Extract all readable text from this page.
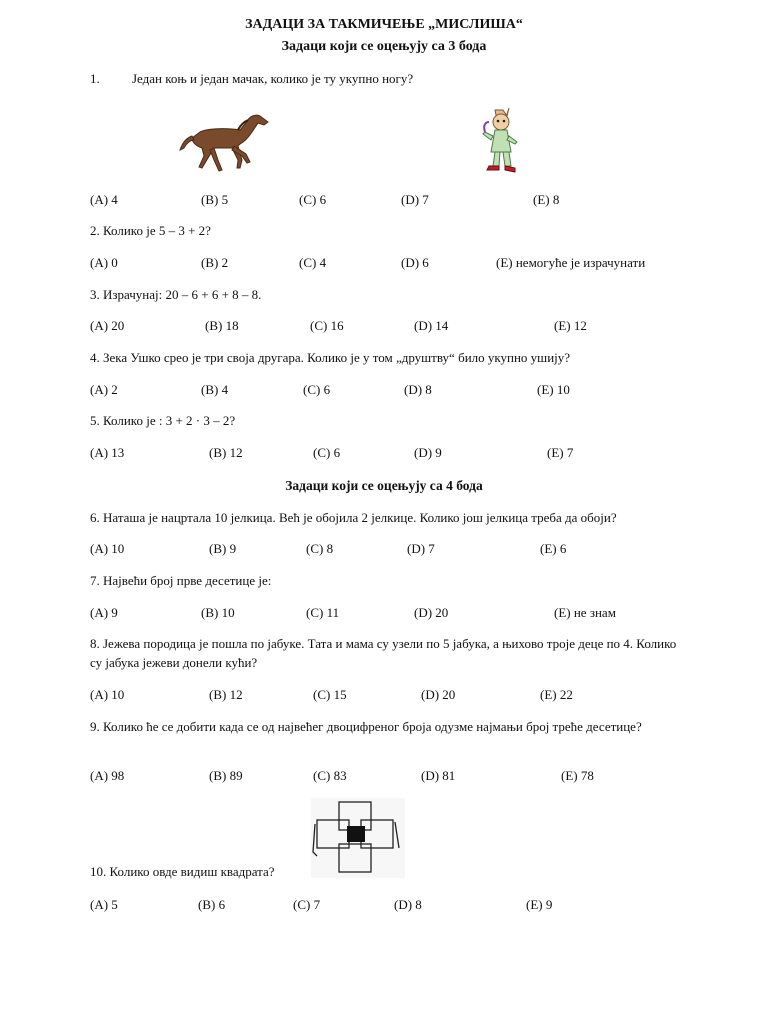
ЗАДАЦИ ЗА ТАКМИЧЕЊЕ „МИСЛИША“
Задаци који се оцењују са 3 бода
1. Један коњ и један мачак, колико је ту укупно ногу?
(A) 4	(B) 5	(C) 6	(D) 7	(E) 8
2. Колико је 5 – 3 + 2?
(A) 0	(B) 2	(C) 4	(D) 6	(E) немогуће је израчунати
3. Израчунај: 20 – 6 + 6 + 8 – 8.
(A) 20	(B) 18	(C) 16	(D) 14	(E) 12
4. Зека Ушко срео је три своја другара. Колико је у том „друштву“ било укупно ушију?
(A) 2	(B) 4	(C) 6	(D) 8	(E) 10
5. Колико је : 3 + 2 · 3 – 2?
(A) 13	(B) 12	(C) 6	(D) 9	(E) 7
Задаци који се оцењују са 4 бода
6. Наташа је нацртала 10 јелкица. Већ је обојила 2 јелкице. Колико још јелкица треба да обоји?
(A) 10	(B) 9	(C) 8	(D) 7	(E) 6
7. Највећи број прве десетице је:
(A) 9	(B) 10	(C) 11	(D) 20	(E) не знам
8. Јежева породица је пошла по јабуке. Тата и мама су узели по 5 јабука, а њихово троје деце по 4. Колико су јабука јежеви донели кући?
(A) 10	(B) 12	(C) 15	(D) 20	(E) 22
9. Колико ће се добити када се од највећег двоцифреног броја одузме најмањи број треће десетице?
(A) 98	(B) 89	(C) 83	(D) 81	(E) 78
10. Колико овде видиш квадрата?
(A) 5	(B) 6	(C) 7	(D) 8	(E) 9
